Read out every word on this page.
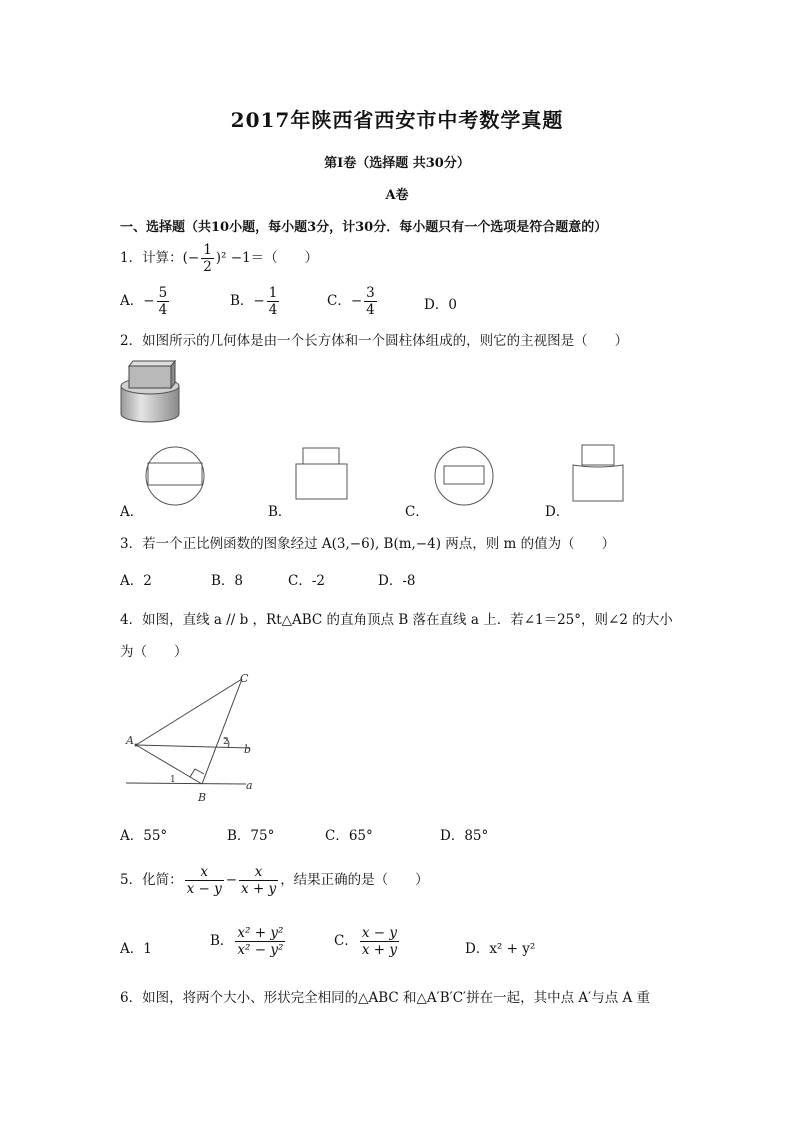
2017年陕西省西安市中考数学真题
第Ⅰ卷（选择题 共30分）
A卷
一、选择题（共10小题，每小题3分，计30分．每小题只有一个选项是符合题意的）
1．计算：(− $\frac{1}{2} )^2 -1=$（　　）
A．− $\frac{5}{4}$	B．− $\frac{1}{4}$	C．− $\frac{3}{4}$	D．0
2．如图所示的几何体是由一个长方体和一个圆柱体组成的，则它的主视图是（　　）
A．	B．	C．	D．
3．若一个正比例函数的图象经过 A(3,−6), B(m,−4) 两点，则 m 的值为（　　）
A．2	B．8	C．-2	D．-8
4．如图，直线 a // b ，Rt△ABC 的直角顶点 B 落在直线 a 上．若∠1＝25°，则∠2 的大小
为（　　）
A
B
C
b
a
1
2
A．55°	B．75°	C．65°	D．85°
5．化简： $\frac{x}{x - y} - \frac{x}{x + y}$ ，结果正确的是（　　）
A．1	B． $\frac{\text{x² + y²}}{\text{x² − y²}}$	C． $\frac{x - y}{x + y}$	D．x² + y²
6．如图，将两个大小、形状完全相同的△ABC 和△A′B′C′拼在一起，其中点 A′与点 A 重
